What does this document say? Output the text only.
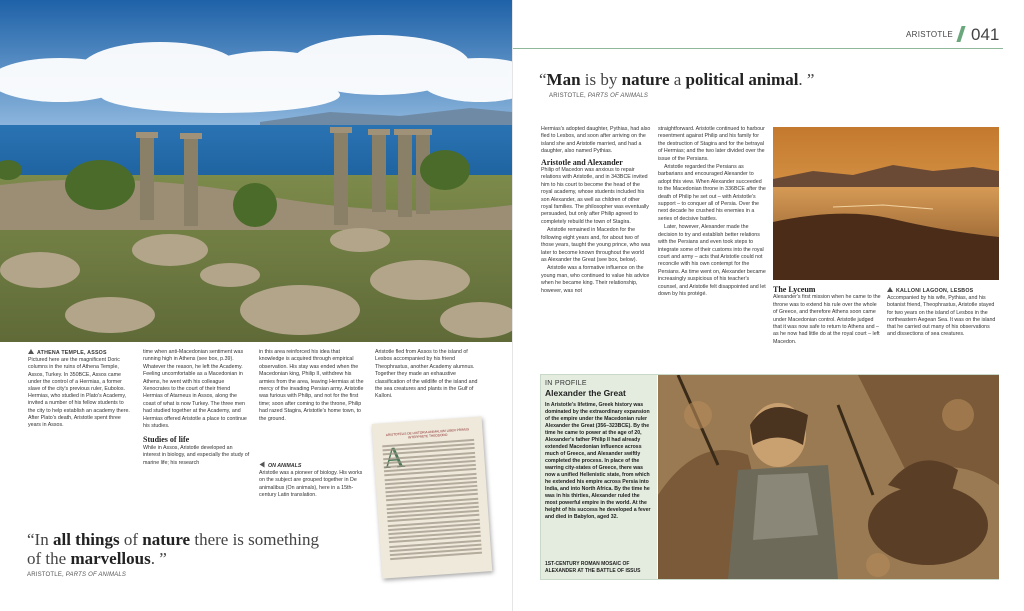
ATHENA TEMPLE, ASSOS
Pictured here are the magnificent Doric columns in the ruins of Athena Temple, Assos, Turkey. In 350BCE, Assos came under the control of a Hermias, a former slave of the city's previous ruler, Eubolos. Hermias, who studied in Plato's Academy, invited a number of his fellow students to the city to help establish an academy there. After Plato's death, Aristotle spent three years in Assos.

time when anti-Macedonian sentiment was running high in Athens (see box, p.39). Whatever the reason, he left the Academy. Feeling uncomfortable as a Macedonian in Athens, he went with his colleague Xenocrates to the court of their friend Hermias of Atarneus in Assos, along the coast of what is now Turkey. The three men had studied together at the Academy, and Hermias offered Aristotle a place to continue his studies.

Studies of life

While in Assos, Aristotle developed an interest in biology, and especially the study of marine life; his research

in this area reinforced his idea that knowledge is acquired through empirical observation. His stay was ended when the Macedonian king, Philip II, withdrew his armies from the area, leaving Hermias at the mercy of the invading Persian army. Aristotle was furious with Philip, and not for the first time; soon after coming to the throne, Philip had razed Stagira, Aristotle's home town, to the ground.

ON ANIMALS
Aristotle was a pioneer of biology. His works on the subject are grouped together in De animalibus (On animals), here in a 15th-century Latin translation.

Aristotle fled from Assos to the island of Lesbos accompanied by his friend Theophrastus, another Academy alumnus. Together they made an exhaustive classification of the wildlife of the island and the sea creatures and plants in the Gulf of Kalloni.

ARISTOTELIS DE HISTORIA ANIMALIUM LIBER PRIMUS INTERPRETE THEODORO
“In all things of nature there is something of the marvellous. ”
ARISTOTLE, PARTS OF ANIMALS
ARISTOTLE 041
“Man is by nature a political animal. ”
ARISTOTLE, PARTS OF ANIMALS

Hermias's adopted daughter, Pythias, had also fled to Lesbos, and soon after arriving on the island she and Aristotle married, and had a daughter, also named Pythias.

Aristotle and Alexander

Philip of Macedon was anxious to repair relations with Aristotle, and in 343BCE invited him to his court to become the head of the royal academy, whose students included his son Alexander, as well as children of other royal families. The philosopher was eventually persuaded, but only after Philip agreed to completely rebuild the town of Stagira.

Aristotle remained in Macedon for the following eight years and, for about two of those years, taught the young prince, who was later to become known throughout the world as Alexander the Great (see box, below).

Aristotle was a formative influence on the young man, who continued to value his advice when he became king. Their relationship, however, was not

straightforward. Aristotle continued to harbour resentment against Philip and his family for the destruction of Stagira and for the betrayal of Hermias; and the two later divided over the issue of the Persians.

Aristotle regarded the Persians as barbarians and encouraged Alexander to adopt this view. When Alexander succeeded to the Macedonian throne in 336BCE after the death of Philip he set out – with Aristotle's support – to conquer all of Persia. Over the next decade he crushed his enemies in a series of decisive battles.

Later, however, Alexander made the decision to try and establish better relations with the Persians and even took steps to integrate some of their customs into the royal court and army – acts that Aristotle could not reconcile with his own contempt for the Persians. As time went on, Alexander became increasingly suspicious of his teacher's counsel, and Aristotle felt disappointed and let down by his protégé.	KALLONI LAGOON, LESBOS
Accompanied by his wife, Pythias, and his botanist friend, Theophrastus, Aristotle stayed for two years on the island of Lesbos in the northeastern Aegean Sea. It was on the island that he carried out many of his observations and dissections of sea creatures.
The Lyceum

Alexander's first mission when he came to the throne was to extend his rule over the whole of Greece, and therefore Athens soon came under Macedonian control. Aristotle judged that it was now safe to return to Athens and – as he now had little do at the royal court – left Macedon.

IN PROFILE
Alexander the Great
In Aristotle's lifetime, Greek history was dominated by the extraordinary expansion of the empire under the Macedonian ruler Alexander the Great (356–323BCE). By the time he came to power at the age of 20, Alexander's father Philip II had already extended Macedonian influence across much of Greece, and Alexander swiftly completed the process. In place of the warring city-states of Greece, there was now a unified Hellenistic state, from which he extended his empire across Persia into India, and into North Africa. By the time he was in his thirties, Alexander ruled the most powerful empire in the world. At the height of his success he developed a fever and died in Babylon, aged 32.
1ST-CENTURY ROMAN MOSAIC OF ALEXANDER AT THE BATTLE OF ISSUS
